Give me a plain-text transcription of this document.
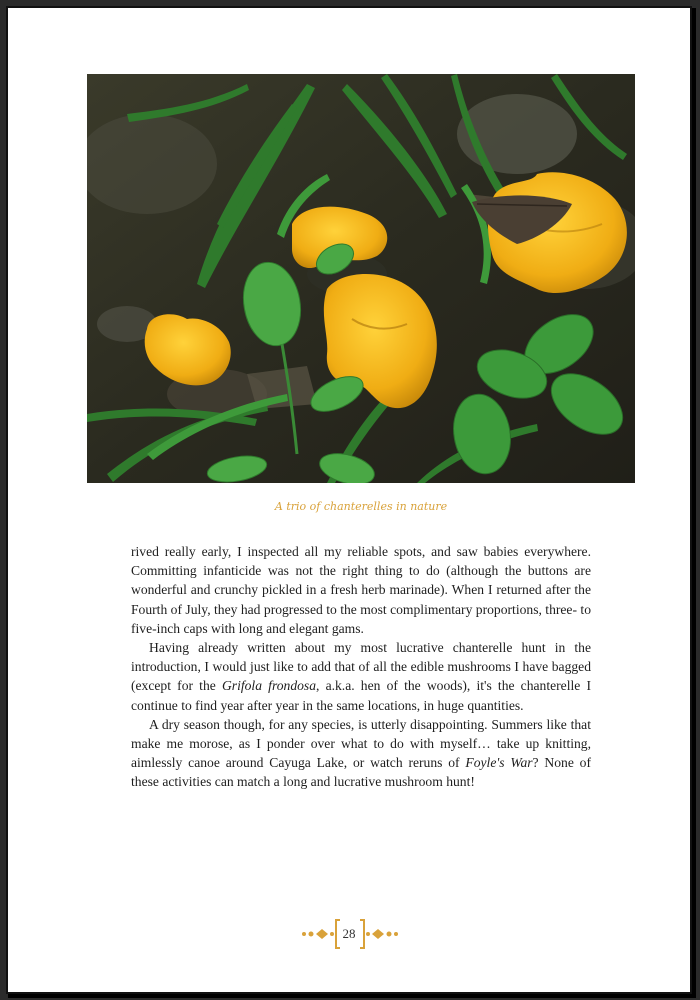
A trio of chanterelles in nature

rived really early, I inspected all my reliable spots, and saw babies everywhere. Committing infanticide was not the right thing to do (although the buttons are wonderful and crunchy pickled in a fresh herb marinade). When I returned after the Fourth of July, they had progressed to the most complimentary proportions, three- to five-inch caps with long and elegant gams.

Having already written about my most lucrative chanterelle hunt in the introduction, I would just like to add that of all the edible mushrooms I have bagged (except for the Grifola frondosa, a.k.a. hen of the woods), it's the chanterelle I continue to find year after year in the same locations, in huge quantities.

A dry season though, for any species, is utterly disappointing. Summers like that make me morose, as I ponder over what to do with myself… take up knitting, aimlessly canoe around Cayuga Lake, or watch reruns of Foyle's War? None of these activities can match a long and lucrative mushroom hunt!

28
